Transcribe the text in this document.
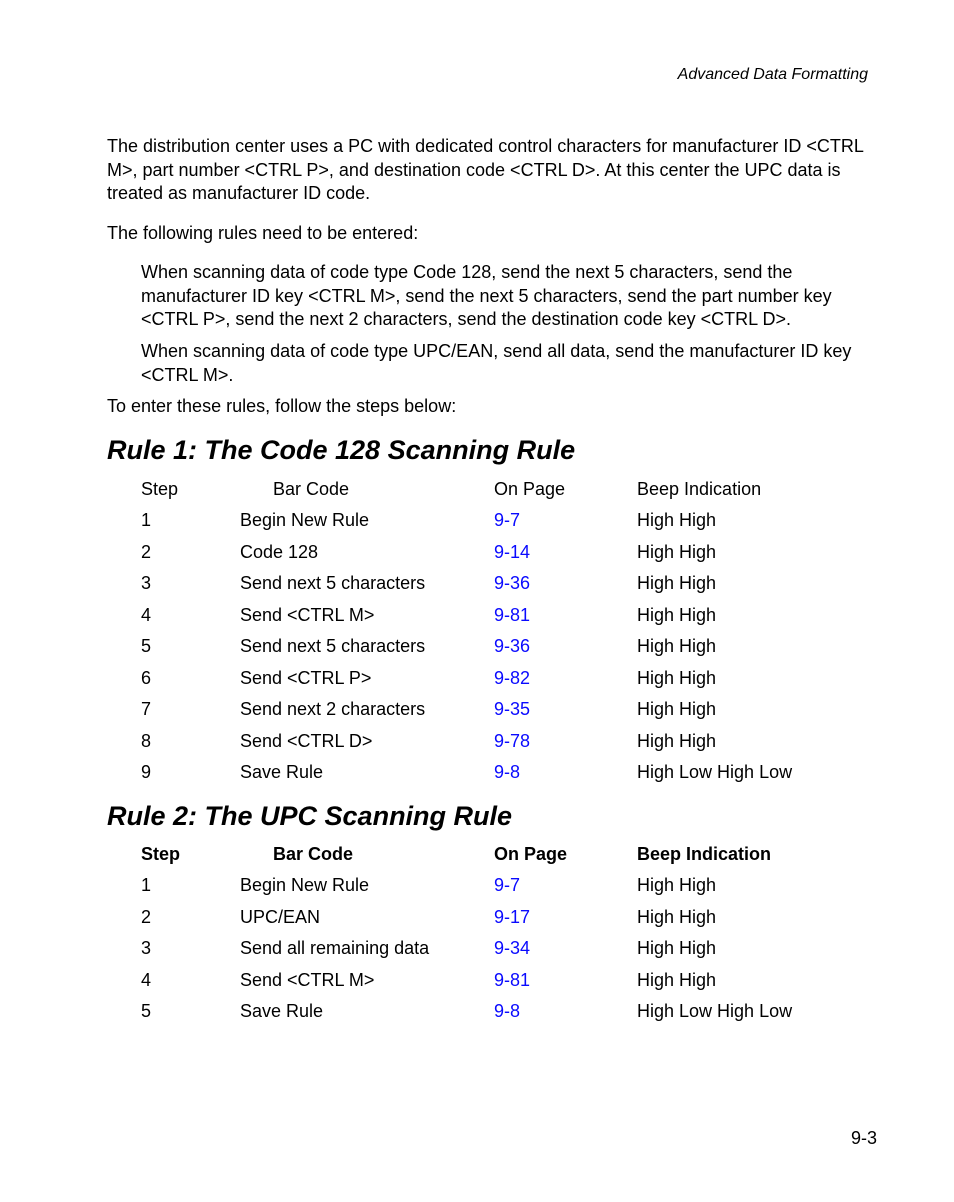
Advanced Data Formatting
The distribution center uses a PC with dedicated control characters for manufacturer ID <CTRL M>, part number <CTRL P>, and destination code <CTRL D>. At this center the UPC data is treated as manufacturer ID code.
The following rules need to be entered:
When scanning data of code type Code 128, send the next 5 characters, send the manufacturer ID key <CTRL M>, send the next 5 characters, send the part number key <CTRL P>, send the next 2 characters, send the destination code key <CTRL D>.
When scanning data of code type UPC/EAN, send all data, send the manufacturer ID key <CTRL M>.
To enter these rules, follow the steps below:
Rule 1: The Code 128 Scanning Rule
Step	Bar Code	On Page	Beep Indication
1	Begin New Rule	9-7	High High
2	Code 128	9-14	High High
3	Send next 5 characters	9-36	High High
4	Send <CTRL M>	9-81	High High
5	Send next 5 characters	9-36	High High
6	Send <CTRL P>	9-82	High High
7	Send next 2 characters	9-35	High High
8	Send <CTRL D>	9-78	High High
9	Save Rule	9-8	High Low High Low
Rule 2: The UPC Scanning Rule
Step	Bar Code	On Page	Beep Indication
1	Begin New Rule	9-7	High High
2	UPC/EAN	9-17	High High
3	Send all remaining data	9-34	High High
4	Send <CTRL M>	9-81	High High
5	Save Rule	9-8	High Low High Low
9-3
